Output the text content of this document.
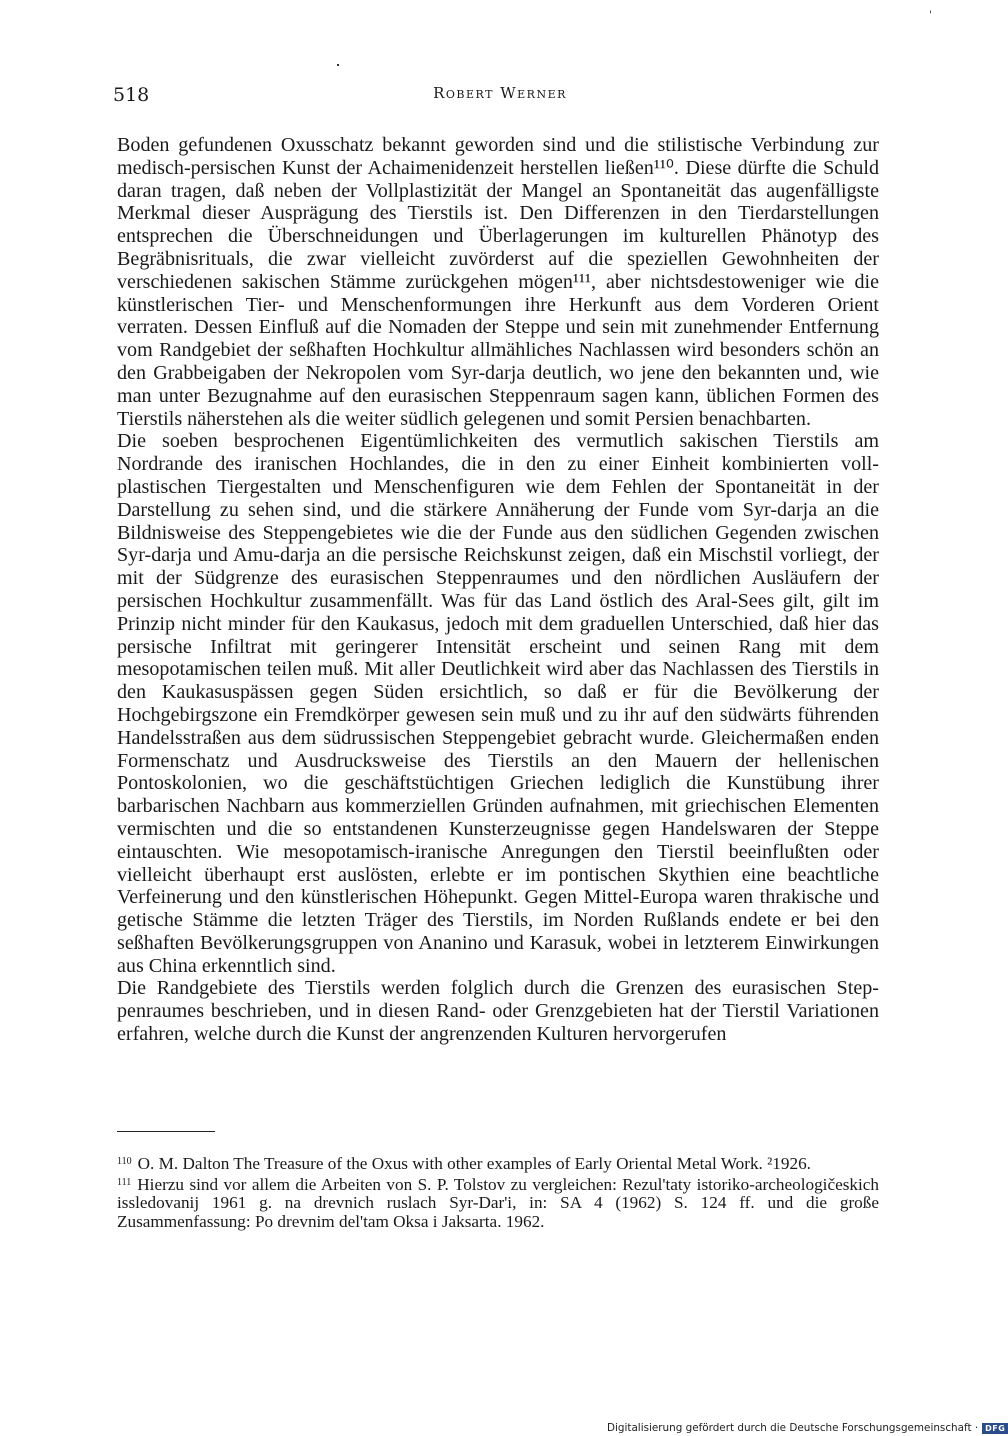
'
518	Robert Werner

Boden gefundenen Oxusschatz bekannt geworden sind und die stilistische Verbindung zur medisch-persischen Kunst der Achaimenidenzeit herstellen ließen¹¹⁰. Diese dürfte die Schuld daran tragen, daß neben der Vollplastizität der Mangel an Spontaneität das augenfälligste Merkmal dieser Ausprägung des Tierstils ist. Den Differenzen in den Tierdarstellungen entsprechen die Überschneidungen und Überlagerungen im kulturellen Phänotyp des Begräbnisrituals, die zwar vielleicht zuvörderst auf die speziellen Gewohnheiten der verschiedenen sakischen Stämme zurückgehen mögen¹¹¹, aber nichtsdestoweniger wie die künstlerischen Tier- und Menschenformungen ihre Herkunft aus dem Vorderen Orient verraten. Dessen Einfluß auf die Nomaden der Steppe und sein mit zunehmender Entfernung vom Randgebiet der seßhaften Hochkultur allmähliches Nachlassen wird besonders schön an den Grabbeigaben der Nekropolen vom Syr-darja deutlich, wo jene den bekannten und, wie man unter Bezugnahme auf den eurasischen Steppenraum sagen kann, üblichen Formen des Tierstils näherstehen als die weiter südlich gelegenen und somit Persien benachbarten.

Die soeben besprochenen Eigentümlichkeiten des vermutlich sakischen Tierstils am Nordrande des iranischen Hochlandes, die in den zu einer Einheit kombinierten vollplastischen Tiergestalten und Menschenfiguren wie dem Fehlen der Spontaneität in der Darstellung zu sehen sind, und die stärkere Annäherung der Funde vom Syr-darja an die Bildnisweise des Steppengebietes wie die der Funde aus den südlichen Gegenden zwischen Syr-darja und Amu-darja an die persische Reichskunst zeigen, daß ein Mischstil vorliegt, der mit der Südgrenze des eurasischen Steppenraumes und den nördlichen Ausläufern der persischen Hochkultur zusammenfällt. Was für das Land östlich des Aral-Sees gilt, gilt im Prinzip nicht minder für den Kaukasus, jedoch mit dem graduellen Unterschied, daß hier das persische Infiltrat mit geringerer Intensität erscheint und seinen Rang mit dem mesopotamischen teilen muß. Mit aller Deutlichkeit wird aber das Nachlassen des Tierstils in den Kaukasuspässen gegen Süden ersichtlich, so daß er für die Bevölkerung der Hochgebirgszone ein Fremdkörper gewesen sein muß und zu ihr auf den südwärts führenden Handelsstraßen aus dem südrussischen Steppengebiet gebracht wurde. Gleichermaßen enden Formenschatz und Ausdrucksweise des Tierstils an den Mauern der hellenischen Pontoskolonien, wo die geschäftstüchtigen Griechen lediglich die Kunstübung ihrer barbarischen Nachbarn aus kommerziellen Gründen aufnahmen, mit griechischen Elementen vermischten und die so entstandenen Kunsterzeugnisse gegen Handelswaren der Steppe eintauschten. Wie mesopotamisch-iranische Anregungen den Tierstil beeinflußten oder vielleicht überhaupt erst auslösten, erlebte er im pontischen Skythien eine beachtliche Verfeinerung und den künstlerischen Höhepunkt. Gegen Mittel-Europa waren thrakische und getische Stämme die letzten Träger des Tierstils, im Norden Rußlands endete er bei den seßhaften Bevölkerungsgruppen von Ananino und Karasuk, wobei in letzterem Einwirkungen aus China erkenntlich sind.

Die Randgebiete des Tierstils werden folglich durch die Grenzen des eurasischen Steppenraumes beschrieben, und in diesen Rand- oder Grenzgebieten hat der Tierstil Variationen erfahren, welche durch die Kunst der angrenzenden Kulturen hervorgerufen

$^{110}$ O. M. Dalton The Treasure of the Oxus with other examples of Early Oriental Metal Work. ²1926.

$^{111}$ Hierzu sind vor allem die Arbeiten von S. P. Tolstov zu vergleichen: Rezul'taty istoriko-archeologičeskich issledovanij 1961 g. na drevnich ruslach Syr-Dar'i, in: SA 4 (1962) S. 124 ff. und die große Zusammenfassung: Po drevnim del'tam Oksa i Jaksarta. 1962.

Digitalisierung gefördert durch die Deutsche Forschungsgemeinschaft · DFG
